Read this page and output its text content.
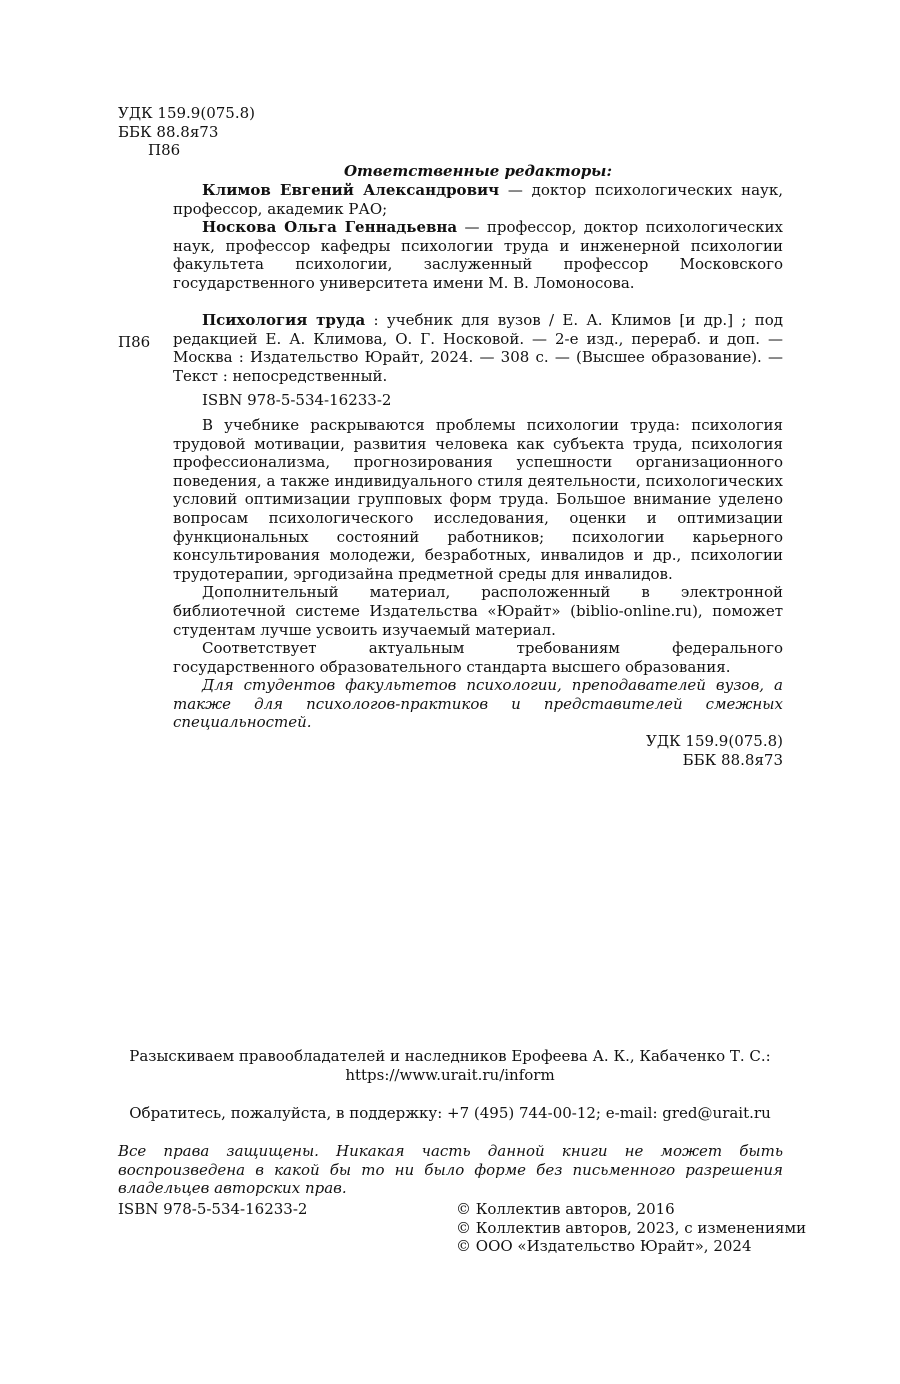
УДК 159.9(075.8)
ББК 88.8я73
П86
Ответственные редакторы:

Климов Евгений Александрович — доктор психологических наук, профессор, академик РАО;

Носкова Ольга Геннадьевна — профессор, доктор психологических наук, профессор кафедры психологии труда и инженерной психологии факультета психологии, заслуженный профессор Московского государственного университета имени М. В. Ломоносова.

П86

Психология труда : учебник для вузов / Е. А. Климов [и др.] ; под редакцией Е. А. Климова, О. Г. Носковой. — 2-е изд., перераб. и доп. — Москва : Издательство Юрайт, 2024. — 308 с. — (Высшее образование). — Текст : непосредственный.

ISBN 978-5-534-16233-2

В учебнике раскрываются проблемы психологии труда: психология трудовой мотивации, развития человека как субъекта труда, психология профессионализма, прогнозирования успешности организационного поведения, а также индивидуального стиля деятельности, психологических условий оптимизации групповых форм труда. Большое внимание уделено вопросам психологического исследования, оценки и оптимизации функциональных состояний работников; психологии карьерного консультирования молодежи, безработных, инвалидов и др., психологии трудотерапии, эргодизайна предметной среды для инвалидов.

Дополнительный материал, расположенный в электронной библиотечной системе Издательства «Юрайт» (biblio-online.ru), поможет студентам лучше усвоить изучаемый материал.

Соответствует актуальным требованиям федерального государственного образовательного стандарта высшего образования.

Для студентов факультетов психологии, преподавателей вузов, а также для психологов-практиков и представителей смежных специальностей.

УДК 159.9(075.8)

ББК 88.8я73

Разыскиваем правообладателей и наследников Ерофеева А. К., Кабаченко Т. С.:
https://www.urait.ru/inform
Обратитесь, пожалуйста, в поддержку: +7 (495) 744-00-12; e-mail: gred@urait.ru
Все права защищены. Никакая часть данной книги не может быть воспроизведена в какой бы то ни было форме без письменного разрешения владельцев авторских прав.
ISBN 978-5-534-16233-2	© Коллектив авторов, 2016
© Коллектив авторов, 2023, с изменениями
© ООО «Издательство Юрайт», 2024
